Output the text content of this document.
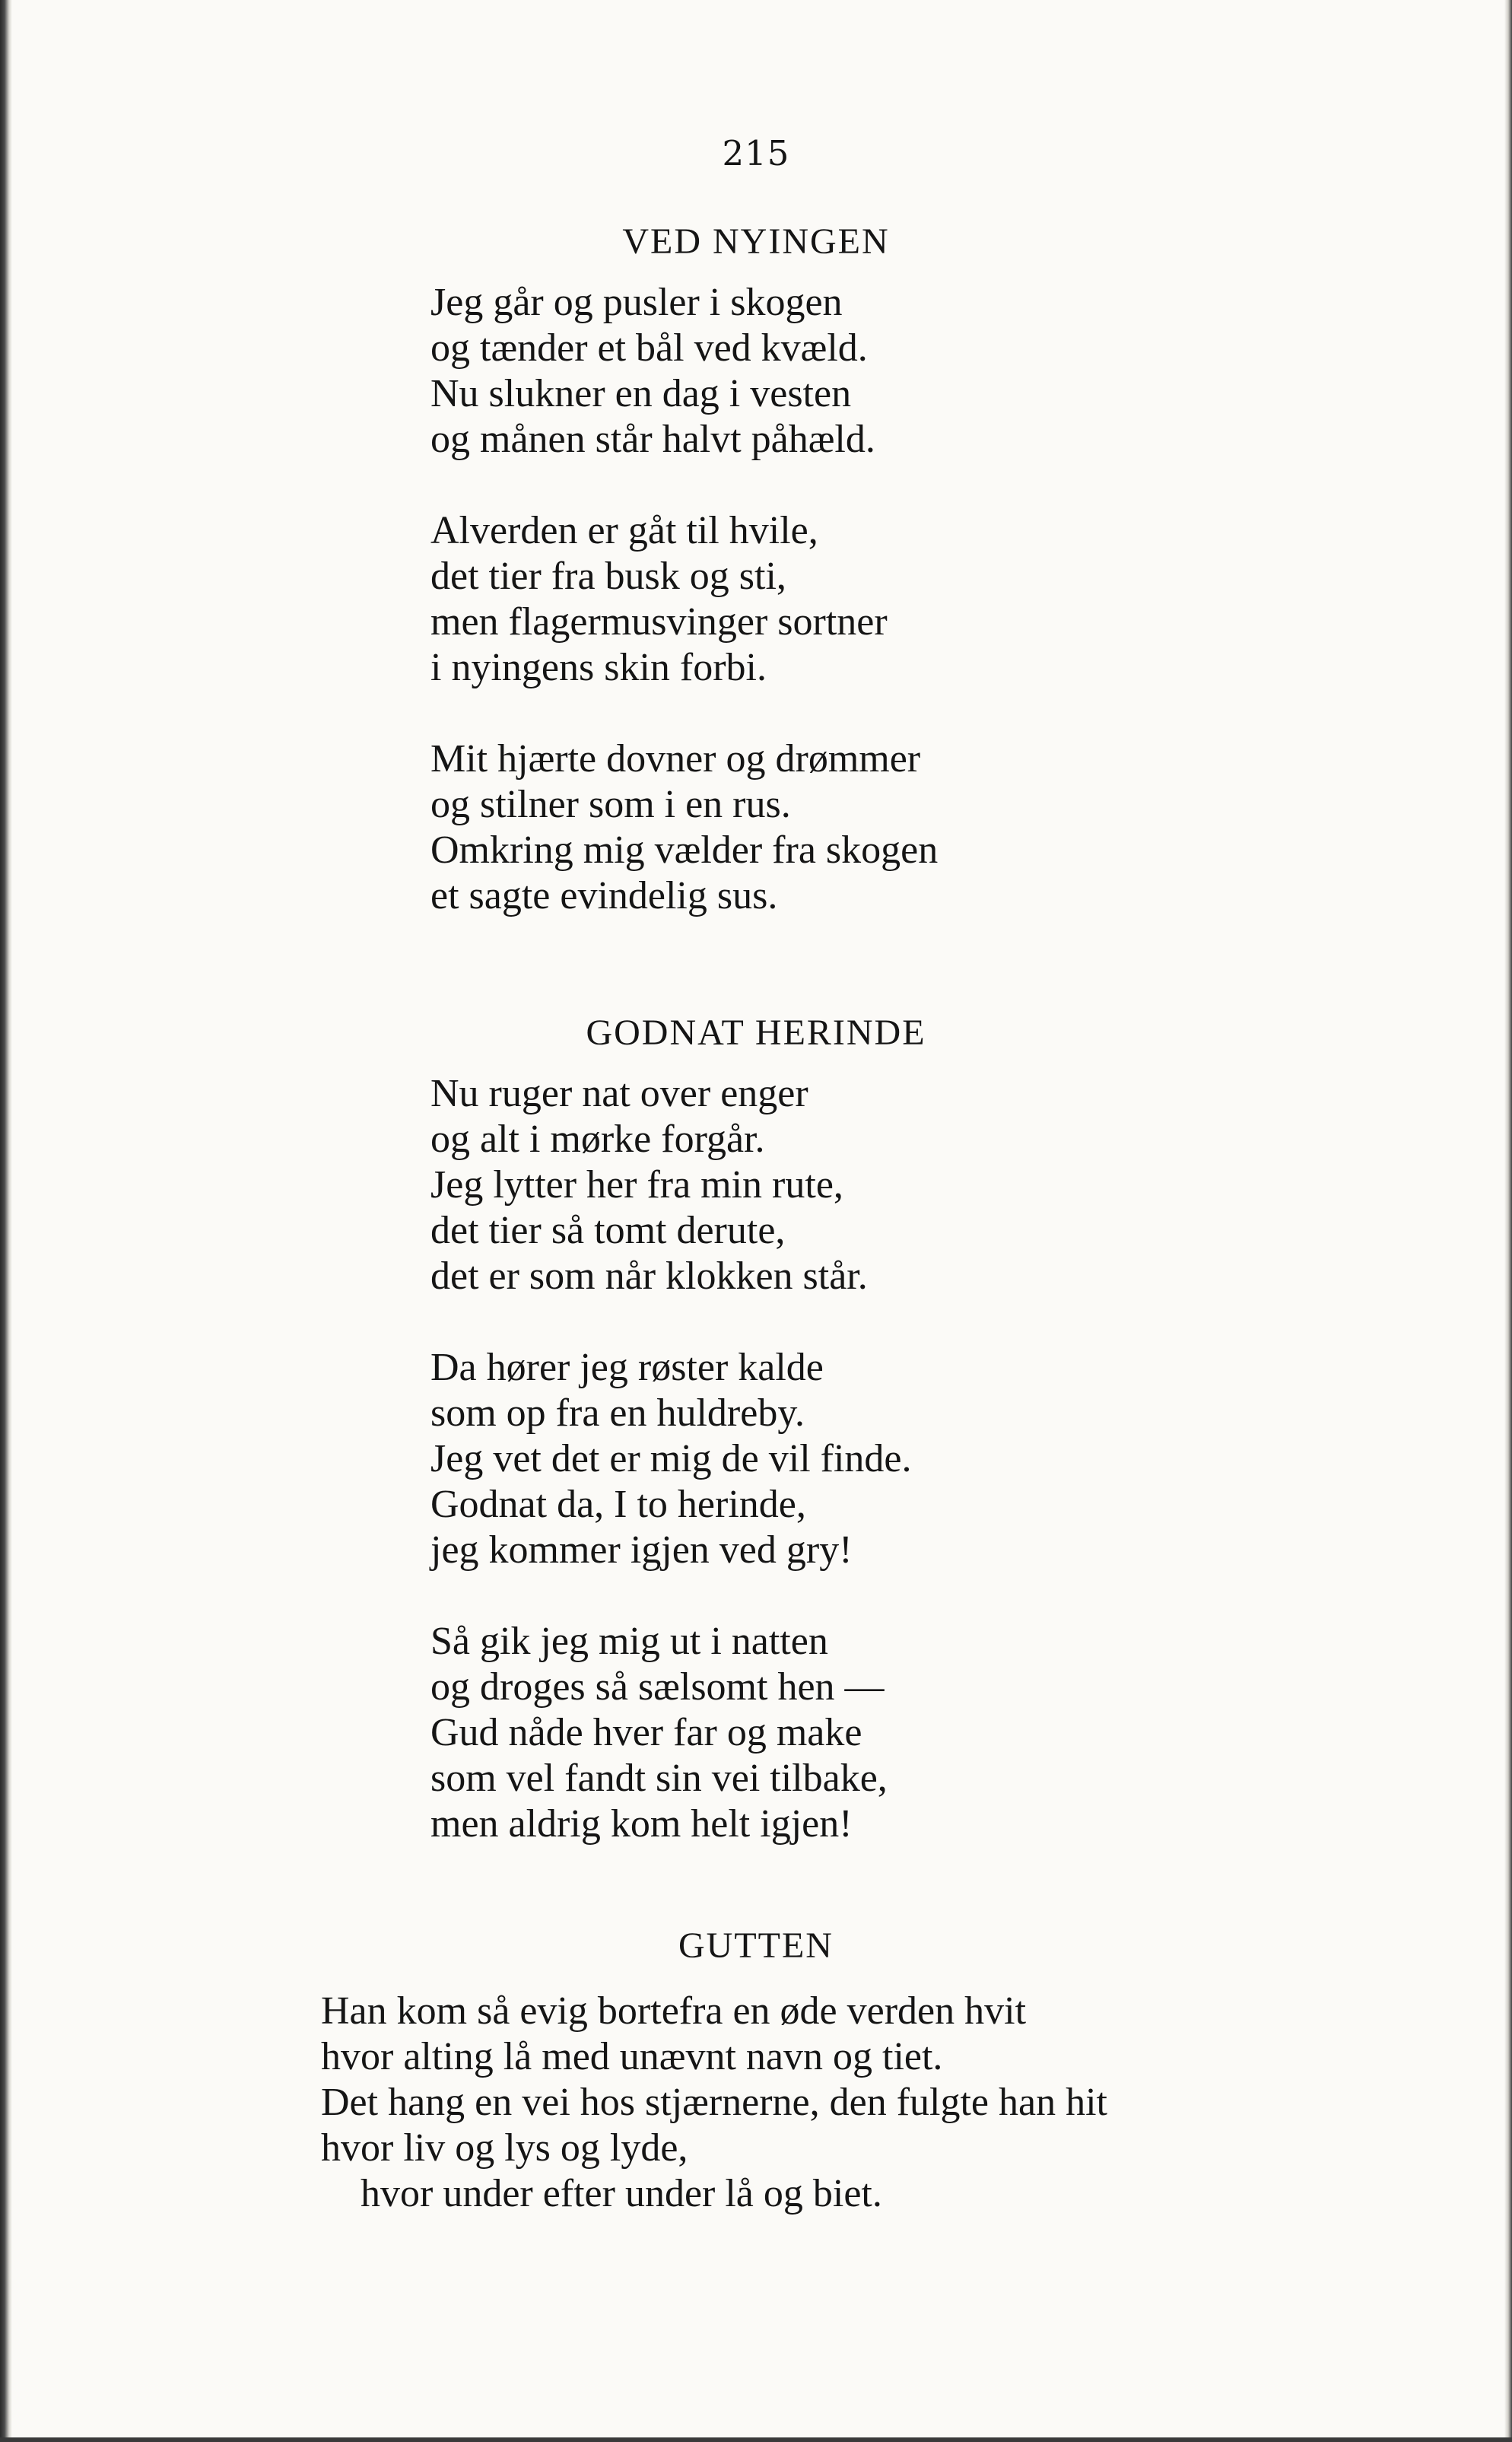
215
VED NYINGEN
Jeg går og pusler i skogen
og tænder et bål ved kvæld.
Nu slukner en dag i vesten
og månen står halvt påhæld.
Alverden er gåt til hvile,
det tier fra busk og sti,
men flagermusvinger sortner
i nyingens skin forbi.
Mit hjærte dovner og drømmer
og stilner som i en rus.
Omkring mig vælder fra skogen
et sagte evindelig sus.
GODNAT HERINDE
Nu ruger nat over enger
og alt i mørke forgår.
Jeg lytter her fra min rute,
det tier så tomt derute,
det er som når klokken står.
Da hører jeg røster kalde
som op fra en huldreby.
Jeg vet det er mig de vil finde.
Godnat da, I to herinde,
jeg kommer igjen ved gry!
Så gik jeg mig ut i natten
og droges så sælsomt hen —
Gud nåde hver far og make
som vel fandt sin vei tilbake,
men aldrig kom helt igjen!
GUTTEN
Han kom så evig bortefra en øde verden hvit
hvor alting lå med unævnt navn og tiet.
Det hang en vei hos stjærnerne, den fulgte han hit
hvor liv og lys og lyde,
hvor under efter under lå og biet.
